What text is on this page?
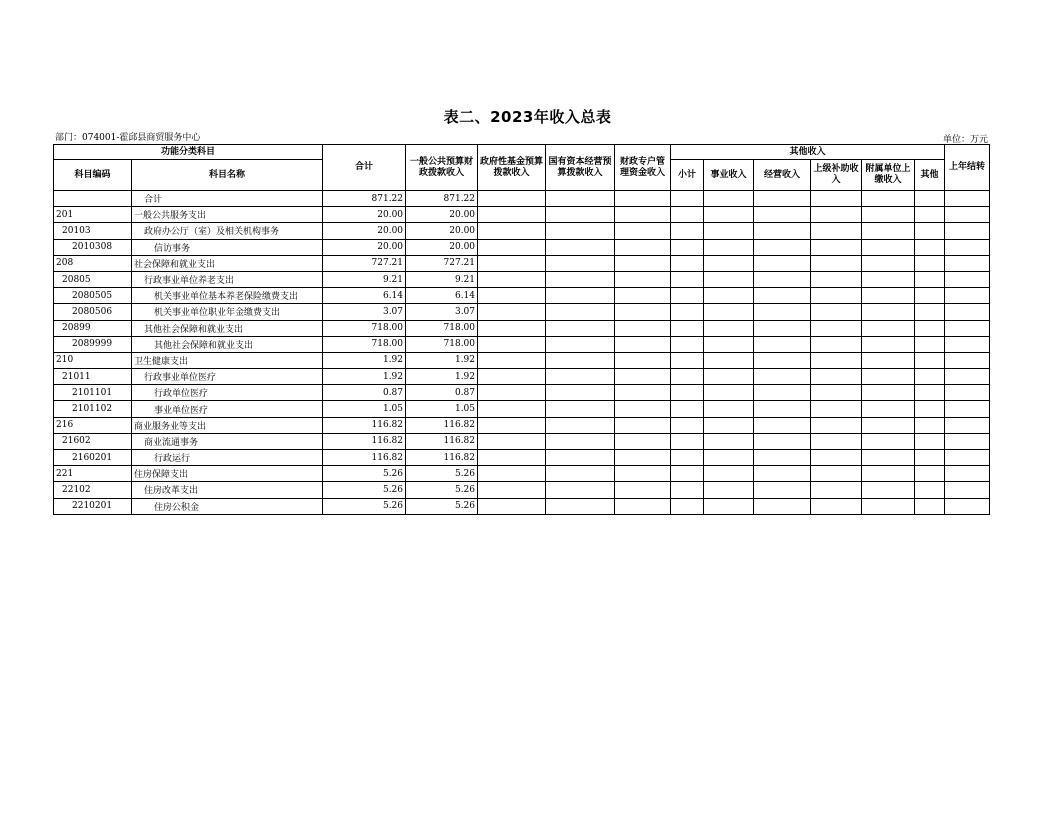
表二、2023年收入总表
部门：074001-霍邱县商贸服务中心	单位：万元
功能分类科目		合计	一般公共预算财政拨款收入	政府性基金预算拨款收入	国有资本经营预算拨款收入	财政专户管理资金收入	其他收入						上年结转
科目编码	科目名称						小计	事业收入	经营收入	上级补助收入	附属单位上缴收入	其他	
	合计	871.22	871.22										
201	一般公共服务支出	20.00	20.00										
20103	政府办公厅（室）及相关机构事务	20.00	20.00										
2010308	信访事务	20.00	20.00										
208	社会保障和就业支出	727.21	727.21										
20805	行政事业单位养老支出	9.21	9.21										
2080505	机关事业单位基本养老保险缴费支出	6.14	6.14										
2080506	机关事业单位职业年金缴费支出	3.07	3.07										
20899	其他社会保障和就业支出	718.00	718.00										
2089999	其他社会保障和就业支出	718.00	718.00										
210	卫生健康支出	1.92	1.92										
21011	行政事业单位医疗	1.92	1.92										
2101101	行政单位医疗	0.87	0.87										
2101102	事业单位医疗	1.05	1.05										
216	商业服务业等支出	116.82	116.82										
21602	商业流通事务	116.82	116.82										
2160201	行政运行	116.82	116.82										
221	住房保障支出	5.26	5.26										
22102	住房改革支出	5.26	5.26										
2210201	住房公积金	5.26	5.26										
